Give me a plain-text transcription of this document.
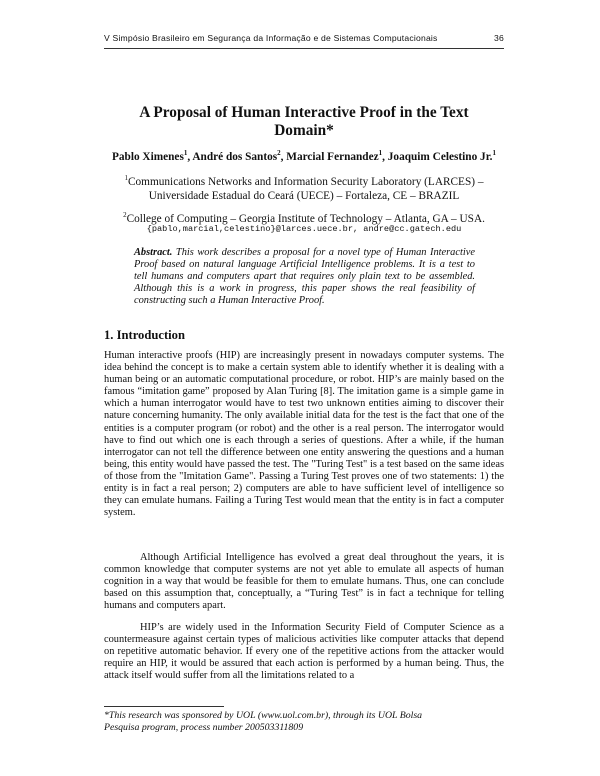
V Simpósio Brasileiro em Segurança da Informação e de Sistemas Computacionais	36
A Proposal of Human Interactive Proof in the Text
Domain*
Pablo Ximenes$^1$, André dos Santos$^2$, Marcial Fernandez$^1$, Joaquim Celestino Jr.$^1$
$^1$Communications Networks and Information Security Laboratory (LARCES) –
Universidade Estadual do Ceará (UECE) – Fortaleza, CE – BRAZIL
$^2$College of Computing – Georgia Institute of Technology – Atlanta, GA – USA.
{pablo,marcial,celestino}@larces.uece.br, andre@cc.gatech.edu
Abstract. This work describes a proposal for a novel type of Human Interactive Proof based on natural language Artificial Intelligence problems. It is a test to tell humans and computers apart that requires only plain text to be assembled. Although this is a work in progress, this paper shows the real feasibility of constructing such a Human Interactive Proof.
1. Introduction

Human interactive proofs (HIP) are increasingly present in nowadays computer systems. The idea behind the concept is to make a certain system able to identify whether it is dealing with a human being or an automatic computational procedure, or robot. HIP’s are mainly based on the famous “imitation game” proposed by Alan Turing [8]. The imitation game is a simple game in which a human interrogator would have to test two unknown entities aiming to discover their nature concerning humanity. The only available initial data for the test is the fact that one of the entities is a computer program (or robot) and the other is a real person. The interrogator would have to find out which one is each through a series of questions. After a while, if the human interrogator can not tell the difference between one entity answering the questions and a human being, this entity would have passed the test. The "Turing Test" is a test based on the same ideas of those from the "Imitation Game". Passing a Turing Test proves one of two statements: 1) the entity is in fact a real person; 2) computers are able to have sufficient level of intelligence so they can emulate humans. Failing a Turing Test would mean that the entity is in fact a computer system.

Although Artificial Intelligence has evolved a great deal throughout the years, it is common knowledge that computer systems are not yet able to emulate all aspects of human cognition in a way that would be feasible for them to emulate humans. Thus, one can conclude based on this assumption that, conceptually, a “Turing Test” is in fact a technique for telling humans and computers apart.

HIP’s are widely used in the Information Security Field of Computer Science as a countermeasure against certain types of malicious activities like computer attacks that depend on repetitive automatic behavior. If every one of the repetitive actions from the attacker would require an HIP, it would be assured that each action is performed by a human being. Thus, the attack itself would suffer from all the limitations related to a

*This research was sponsored by UOL (www.uol.com.br), through its UOL Bolsa
Pesquisa program, process number 200503311809
